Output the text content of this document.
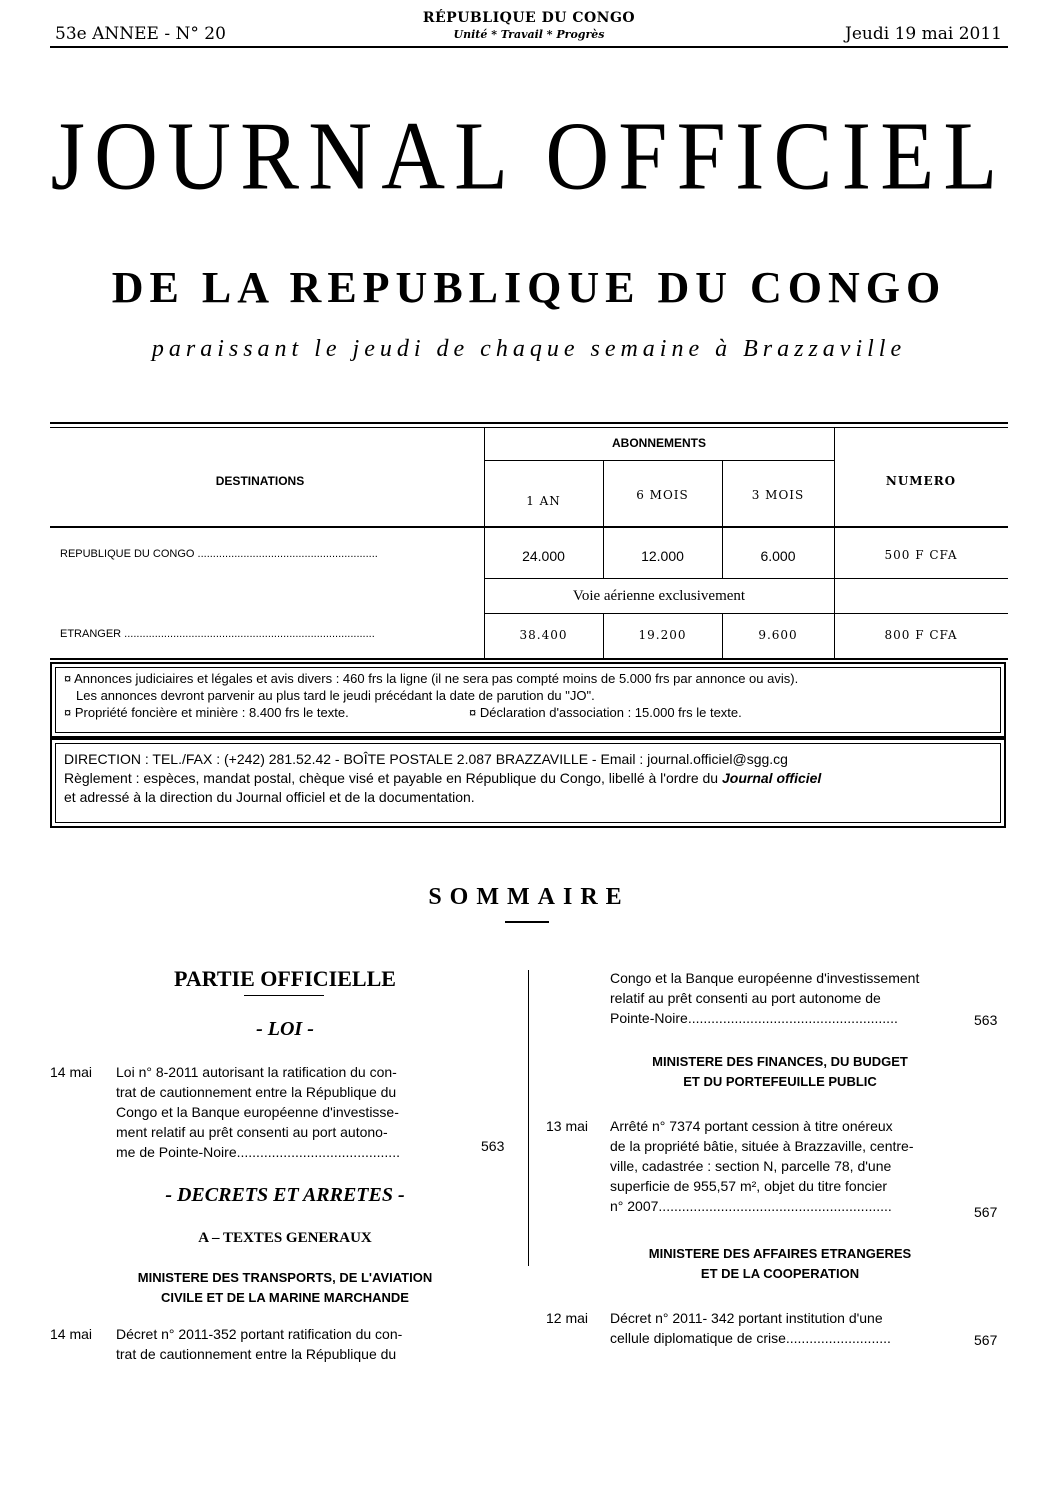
53e ANNEE - N° 20
RÉPUBLIQUE DU CONGO
Unité * Travail * Progrès	Jeudi 19 mai 2011
JOURNAL OFFICIEL
DE LA REPUBLIQUE DU CONGO
paraissant le jeudi de chaque semaine à Brazzaville
DESTINATIONS
ABONNEMENTS
1 AN	6 MOIS	3 MOIS
NUMERO
REPUBLIQUE DU CONGO ...........................................................	24.000	12.000	6.000	500 F CFA
Voie aérienne exclusivement
ETRANGER ..................................................................................	38.400	19.200	9.600	800 F CFA
¤ Annonces judiciaires et légales et avis divers : 460 frs la ligne (il ne sera pas compté moins de 5.000 frs par annonce ou avis).
Les annonces devront parvenir au plus tard le jeudi précédant la date de parution du "JO".
¤ Propriété foncière et minière : 8.400 frs le texte.	¤ Déclaration d'association : 15.000 frs le texte.
DIRECTION : TEL./FAX : (+242) 281.52.42 - BOÎTE POSTALE 2.087 BRAZZAVILLE - Email : journal.officiel@sgg.cg
Règlement : espèces, mandat postal, chèque visé et payable en République du Congo, libellé à l'ordre du Journal officiel
et adressé à la direction du Journal officiel et de la documentation.
SOMMAIRE
PARTIE OFFICIELLE
- LOI -
14 mai Loi n° 8-2011 autorisant la ratification du con-
trat de cautionnement entre la République du
Congo et la Banque européenne d'investisse-
ment relatif au prêt consenti au port autono-
me de Pointe-Noire..........................................	563
- DECRETS ET ARRETES -
A – TEXTES GENERAUX
MINISTERE DES TRANSPORTS, DE L'AVIATION
CIVILE ET DE LA MARINE MARCHANDE
14 mai Décret n° 2011-352 portant ratification du con-
trat de cautionnement entre la République du
Congo et la Banque européenne d'investissement
relatif au prêt consenti au port autonome de
Pointe-Noire......................................................	563
MINISTERE DES FINANCES, DU BUDGET
ET DU PORTEFEUILLE PUBLIC
13 mai Arrêté n° 7374 portant cession à titre onéreux
de la propriété bâtie, située à Brazzaville, centre-
ville, cadastrée : section N, parcelle 78, d'une
superficie de 955,57 m², objet du titre foncier
n° 2007............................................................	567
MINISTERE DES AFFAIRES ETRANGERES
ET DE LA COOPERATION
12 mai Décret n° 2011- 342 portant institution d'une
cellule diplomatique de crise...........................	567
